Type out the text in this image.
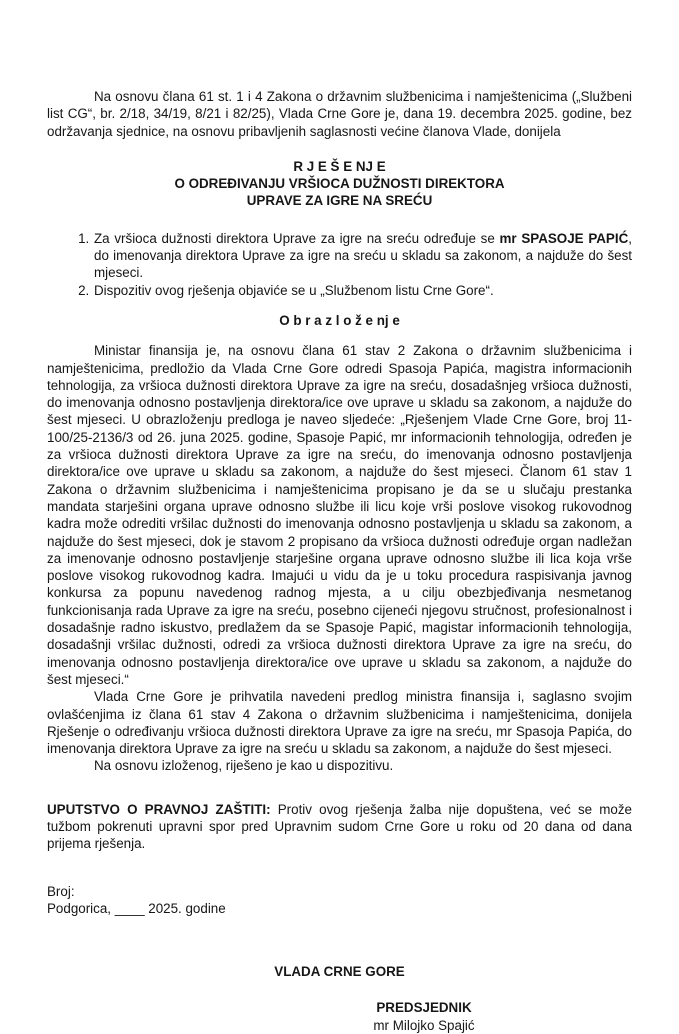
Na osnovu člana 61 st. 1 i 4 Zakona o državnim službenicima i namještenicima („Službeni list CG“, br. 2/18, 34/19, 8/21 i 82/25), Vlada Crne Gore je, dana 19. decembra 2025. godine, bez održavanja sjednice, na osnovu pribavljenih saglasnosti većine članova Vlade, donijela

R J E Š E NJ E
O ODREĐIVANJU VRŠIOCA DUŽNOSTI DIREKTORA
UPRAVE ZA IGRE NA SREĆU
1. Za vršioca dužnosti direktora Uprave za igre na sreću određuje se mr SPASOJE PAPIĆ, do imenovanja direktora Uprave za igre na sreću u skladu sa zakonom, a najduže do šest mjeseci.
2. Dispozitiv ovog rješenja objaviće se u „Službenom listu Crne Gore“.
O b r a z l o ž e nj e

Ministar finansija je, na osnovu člana 61 stav 2 Zakona o državnim službenicima i namještenicima, predložio da Vlada Crne Gore odredi Spasoja Papića, magistra informacionih tehnologija, za vršioca dužnosti direktora Uprave za igre na sreću, dosadašnjeg vršioca dužnosti, do imenovanja odnosno postavljenja direktora/ice ove uprave u skladu sa zakonom, a najduže do šest mjeseci. U obrazloženju predloga je naveo sljedeće: „Rješenjem Vlade Crne Gore, broj 11-100/25-2136/3 od 26. juna 2025. godine, Spasoje Papić, mr informacionih tehnologija, određen je za vršioca dužnosti direktora Uprave za igre na sreću, do imenovanja odnosno postavljenja direktora/ice ove uprave u skladu sa zakonom, a najduže do šest mjeseci. Članom 61 stav 1 Zakona o državnim službenicima i namještenicima propisano je da se u slučaju prestanka mandata starješini organa uprave odnosno službe ili licu koje vrši poslove visokog rukovodnog kadra može odrediti vršilac dužnosti do imenovanja odnosno postavljenja u skladu sa zakonom, a najduže do šest mjeseci, dok je stavom 2 propisano da vršioca dužnosti određuje organ nadležan za imenovanje odnosno postavljenje starješine organa uprave odnosno službe ili lica koja vrše poslove visokog rukovodnog kadra. Imajući u vidu da je u toku procedura raspisivanja javnog konkursa za popunu navedenog radnog mjesta, a u cilju obezbjeđivanja nesmetanog funkcionisanja rada Uprave za igre na sreću, posebno cijeneći njegovu stručnost, profesionalnost i dosadašnje radno iskustvo, predlažem da se Spasoje Papić, magistar informacionih tehnologija, dosadašnji vršilac dužnosti, odredi za vršioca dužnosti direktora Uprave za igre na sreću, do imenovanja odnosno postavljenja direktora/ice ove uprave u skladu sa zakonom, a najduže do šest mjeseci.“

Vlada Crne Gore je prihvatila navedeni predlog ministra finansija i, saglasno svojim ovlašćenjima iz člana 61 stav 4 Zakona o državnim službenicima i namještenicima, donijela Rješenje o određivanju vršioca dužnosti direktora Uprave za igre na sreću, mr Spasoja Papića, do imenovanja direktora Uprave za igre na sreću u skladu sa zakonom, a najduže do šest mjeseci.

Na osnovu izloženog, riješeno je kao u dispozitivu.

UPUTSTVO O PRAVNOJ ZAŠTITI: Protiv ovog rješenja žalba nije dopuštena, već se može tužbom pokrenuti upravni spor pred Upravnim sudom Crne Gore u roku od 20 dana od dana prijema rješenja.

Broj:
Podgorica, ____ 2025. godine
VLADA CRNE GORE
PREDSJEDNIK
mr Milojko Spajić
